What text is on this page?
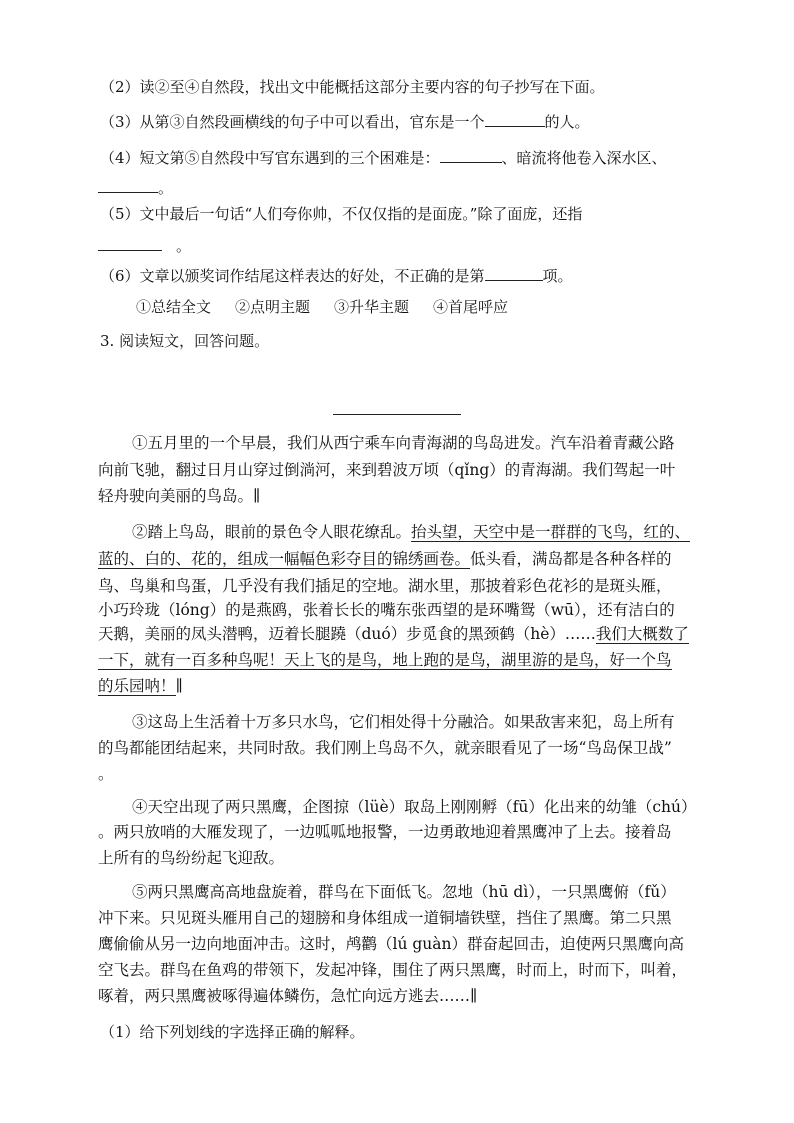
（2）读②至④自然段，找出文中能概括这部分主要内容的句子抄写在下面。
（3）从第③自然段画横线的句子中可以看出，官东是一个	的人。
（4）短文第⑤自然段中写官东遇到的三个困难是：	、暗流将他卷入深水区、
。
（5）文中最后一句话“人们夸你帅，不仅仅指的是面庞。”除了面庞，还指
。
（6）文章以颁奖词作结尾这样表达的好处，不正确的是第	项。
①总结全文 ②点明主题 ③升华主题 ④首尾呼应
3. 阅读短文，回答问题。
①五月里的一个早晨，我们从西宁乘车向青海湖的鸟岛进发。汽车沿着青藏公路
向前飞驰，翻过日月山穿过倒淌河，来到碧波万顷（qǐng）的青海湖。我们驾起一叶
轻舟驶向美丽的鸟岛。∥
②踏上鸟岛，眼前的景色令人眼花缭乱。抬头望，天空中是一群群的飞鸟，红的、
蓝的、白的、花的，组成一幅幅色彩夺目的锦绣画卷。低头看，满岛都是各种各样的
鸟、鸟巢和鸟蛋，几乎没有我们插足的空地。湖水里，那披着彩色花衫的是斑头雁，
小巧玲珑（lóng）的是燕鸥，张着长长的嘴东张西望的是环嘴鸳（wū），还有洁白的
天鹅，美丽的凤头潜鸭，迈着长腿蹺（duó）步觅食的黑颈鹤（hè）……我们大概数了
一下，就有一百多种鸟呢！天上飞的是鸟，地上跑的是鸟，湖里游的是鸟，好一个鸟
的乐园呐！∥
③这岛上生活着十万多只水鸟，它们相处得十分融洽。如果敌害来犯，岛上所有
的鸟都能团结起来，共同时敌。我们刚上鸟岛不久，就亲眼看见了一场“鸟岛保卫战”
。
④天空出现了两只黑鹰，企图掠（lüè）取岛上刚刚孵（fū）化出来的幼雏（chú）
。两只放哨的大雁发现了，一边呱呱地报警，一边勇敢地迎着黑鹰冲了上去。接着岛
上所有的鸟纷纷起飞迎敌。
⑤两只黑鹰高高地盘旋着，群鸟在下面低飞。忽地（hū dì），一只黑鹰俯（fǔ）
冲下来。只见斑头雁用自己的翅膀和身体组成一道铜墙铁壁，挡住了黑鹰。第二只黑
鹰偷偷从另一边向地面冲击。这时，鸬鹳（lú guàn）群奋起回击，迫使两只黑鹰向高
空飞去。群鸟在鱼鸡的带领下，发起冲锋，围住了两只黑鹰，时而上，时而下，叫着，
啄着，两只黑鹰被啄得遍体鳞伤，急忙向远方逃去……∥
（1）给下列划线的字选择正确的解释。
